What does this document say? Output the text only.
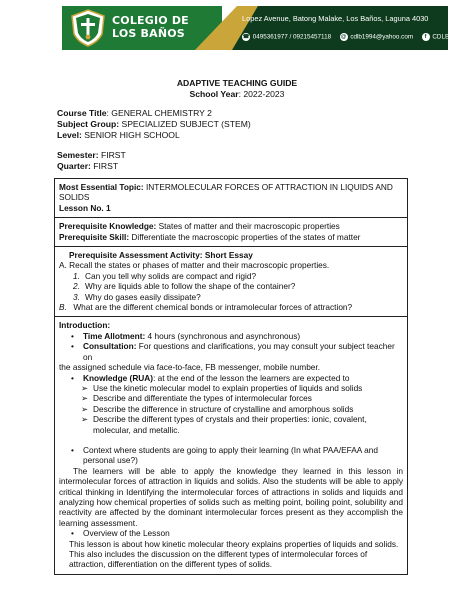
COLEGIO DE
LOS BAÑOS
Lopez Avenue, Batong Malake, Los Baños, Laguna 4030
☎ 0495361977 / 09215457118 @ cdlb1994@yahoo.com f CDLBOfficial
ADAPTIVE TEACHING GUIDE
School Year: 2022-2023
Course Title: GENERAL CHEMISTRY 2
Subject Group: SPECIALIZED SUBJECT (STEM)
Level: SENIOR HIGH SCHOOL
Semester: FIRST
Quarter: FIRST
Most Essential Topic: INTERMOLECULAR FORCES OF ATTRACTION IN LIQUIDS AND
SOLIDS
Lesson No. 1
Prerequisite Knowledge: States of matter and their macroscopic properties
Prerequisite Skill: Differentiate the macroscopic properties of the states of matter
Prerequisite Assessment Activity: Short Essay
A. Recall the states or phases of matter and their macroscopic properties.
1. Can you tell why solids are compact and rigid?
2. Why are liquids able to follow the shape of the container?
3. Why do gases easily dissipate?
B. What are the different chemical bonds or intramolecular forces of attraction?
Introduction:
• Time Allotment: 4 hours (synchronous and asynchronous)
• Consultation: For questions and clarifications, you may consult your subject teacher on
the assigned schedule via face-to-face, FB messenger, mobile number.
• Knowledge (RUA): at the end of the lesson the learners are expected to
➢ Use the kinetic molecular model to explain properties of liquids and solids
➢ Describe and differentiate the types of intermolecular forces
➢ Describe the difference in structure of crystalline and amorphous solids
➢ Describe the different types of crystals and their properties: ionic, covalent,
molecular, and metallic.
• Context where students are going to apply their learning (In what PAA/EFAA and
personal use?)
The learners will be able to apply the knowledge they learned in this lesson in intermolecular forces of attraction in liquids and solids. Also the students will be able to apply critical thinking in Identifying the intermolecular forces of attractions in solids and liquids and analyzing how chemical properties of solids such as melting point, boiling point, solubility and reactivity are affected by the dominant intermolecular forces present as they accomplish the learning assessment.
• Overview of the Lesson
This lesson is about how kinetic molecular theory explains properties of liquids and solids. This also includes the discussion on the different types of intermolecular forces of attraction, differentiation on the different types of solids.
